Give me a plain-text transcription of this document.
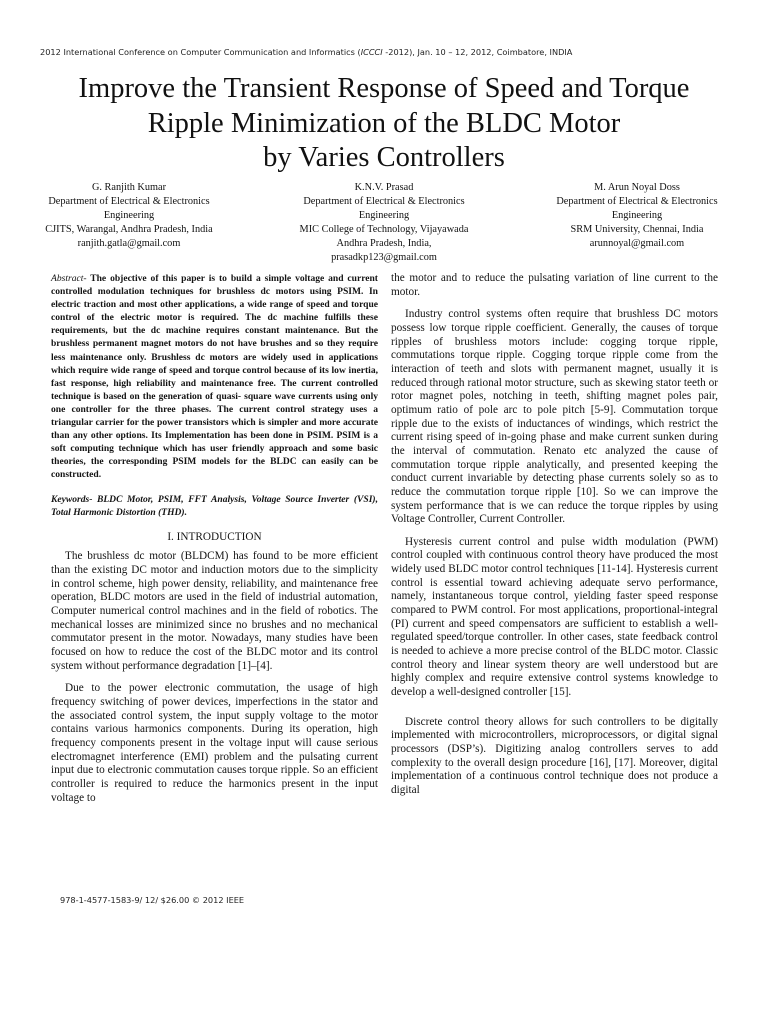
2012 International Conference on Computer Communication and Informatics (ICCCI -2012), Jan. 10 – 12, 2012, Coimbatore, INDIA
Improve the Transient Response of Speed and Torque
Ripple Minimization of the BLDC Motor
by Varies Controllers
G. Ranjith Kumar
Department of Electrical & Electronics
Engineering
CJITS, Warangal, Andhra Pradesh, India
ranjith.gatla@gmail.com
K.N.V. Prasad
Department of Electrical & Electronics
Engineering
MIC College of Technology, Vijayawada
Andhra Pradesh, India,
prasadkp123@gmail.com
M. Arun Noyal Doss
Department of Electrical & Electronics
Engineering
SRM University, Chennai, India
arunnoyal@gmail.com

Abstract- The objective of this paper is to build a simple voltage and current controlled modulation techniques for brushless dc motors using PSIM. In electric traction and most other applications, a wide range of speed and torque control of the electric motor is required. The dc machine fulfills these requirements, but the dc machine requires constant maintenance. But the brushless permanent magnet motors do not have brushes and so they require less maintenance only. Brushless dc motors are widely used in applications which require wide range of speed and torque control because of its low inertia, fast response, high reliability and maintenance free. The current controlled technique is based on the generation of quasi- square wave currents using only one controller for the three phases. The current control strategy uses a triangular carrier for the power transistors which is simpler and more accurate than any other options. Its Implementation has been done in PSIM. PSIM is a soft computing technique which has user friendly approach and some basic theories, the corresponding PSIM models for the BLDC can easily can be constructed.

Keywords- BLDC Motor, PSIM, FFT Analysis, Voltage Source Inverter (VSI), Total Harmonic Distortion (THD).

I. INTRODUCTION

The brushless dc motor (BLDCM) has found to be more efficient than the existing DC motor and induction motors due to the simplicity in control scheme, high power density, reliability, and maintenance free operation, BLDC motors are used in the field of industrial automation, Computer numerical control machines and in the field of robotics. The mechanical losses are minimized since no brushes and no mechanical commutator present in the motor. Nowadays, many studies have been focused on how to reduce the cost of the BLDC motor and its control system without performance degradation [1]–[4].

Due to the power electronic commutation, the usage of high frequency switching of power devices, imperfections in the stator and the associated control system, the input supply voltage to the motor contains various harmonics components. During its operation, high frequency components present in the voltage input will cause serious electromagnet interference (EMI) problem and the pulsating current input due to electronic commutation causes torque ripple. So an efficient controller is required to reduce the harmonics present in the input voltage to

the motor and to reduce the pulsating variation of line current to the motor.

Industry control systems often require that brushless DC motors possess low torque ripple coefficient. Generally, the causes of torque ripples of brushless motors include: cogging torque ripple, commutations torque ripple. Cogging torque ripple come from the interaction of teeth and slots with permanent magnet, usually it is reduced through rational motor structure, such as skewing stator teeth or rotor magnet poles, notching in teeth, shifting magnet poles pair, optimum ratio of pole arc to pole pitch [5-9]. Commutation torque ripple due to the exists of inductances of windings, which restrict the current rising speed of in-going phase and make current sunken during the interval of commutation. Renato etc analyzed the cause of commutation torque ripple analytically, and presented keeping the conduct current invariable by detecting phase currents solely so as to reduce the commutation torque ripple [10]. So we can improve the system performance that is we can reduce the torque ripples by using Voltage Controller, Current Controller.

Hysteresis current control and pulse width modulation (PWM) control coupled with continuous control theory have produced the most widely used BLDC motor control techniques [11-14]. Hysteresis current control is essential toward achieving adequate servo performance, namely, instantaneous torque control, yielding faster speed response compared to PWM control. For most applications, proportional-integral (PI) current and speed compensators are sufficient to establish a well-regulated speed/torque controller. In other cases, state feedback control is needed to achieve a more precise control of the BLDC motor. Classic control theory and linear system theory are well understood but are highly complex and require extensive control systems knowledge to develop a well-designed controller [15].

Discrete control theory allows for such controllers to be digitally implemented with microcontrollers, microprocessors, or digital signal processors (DSP’s). Digitizing analog controllers serves to add complexity to the overall design procedure [16], [17]. Moreover, digital implementation of a continuous control technique does not produce a digital

978-1-4577-1583-9/ 12/ $26.00 © 2012 IEEE
